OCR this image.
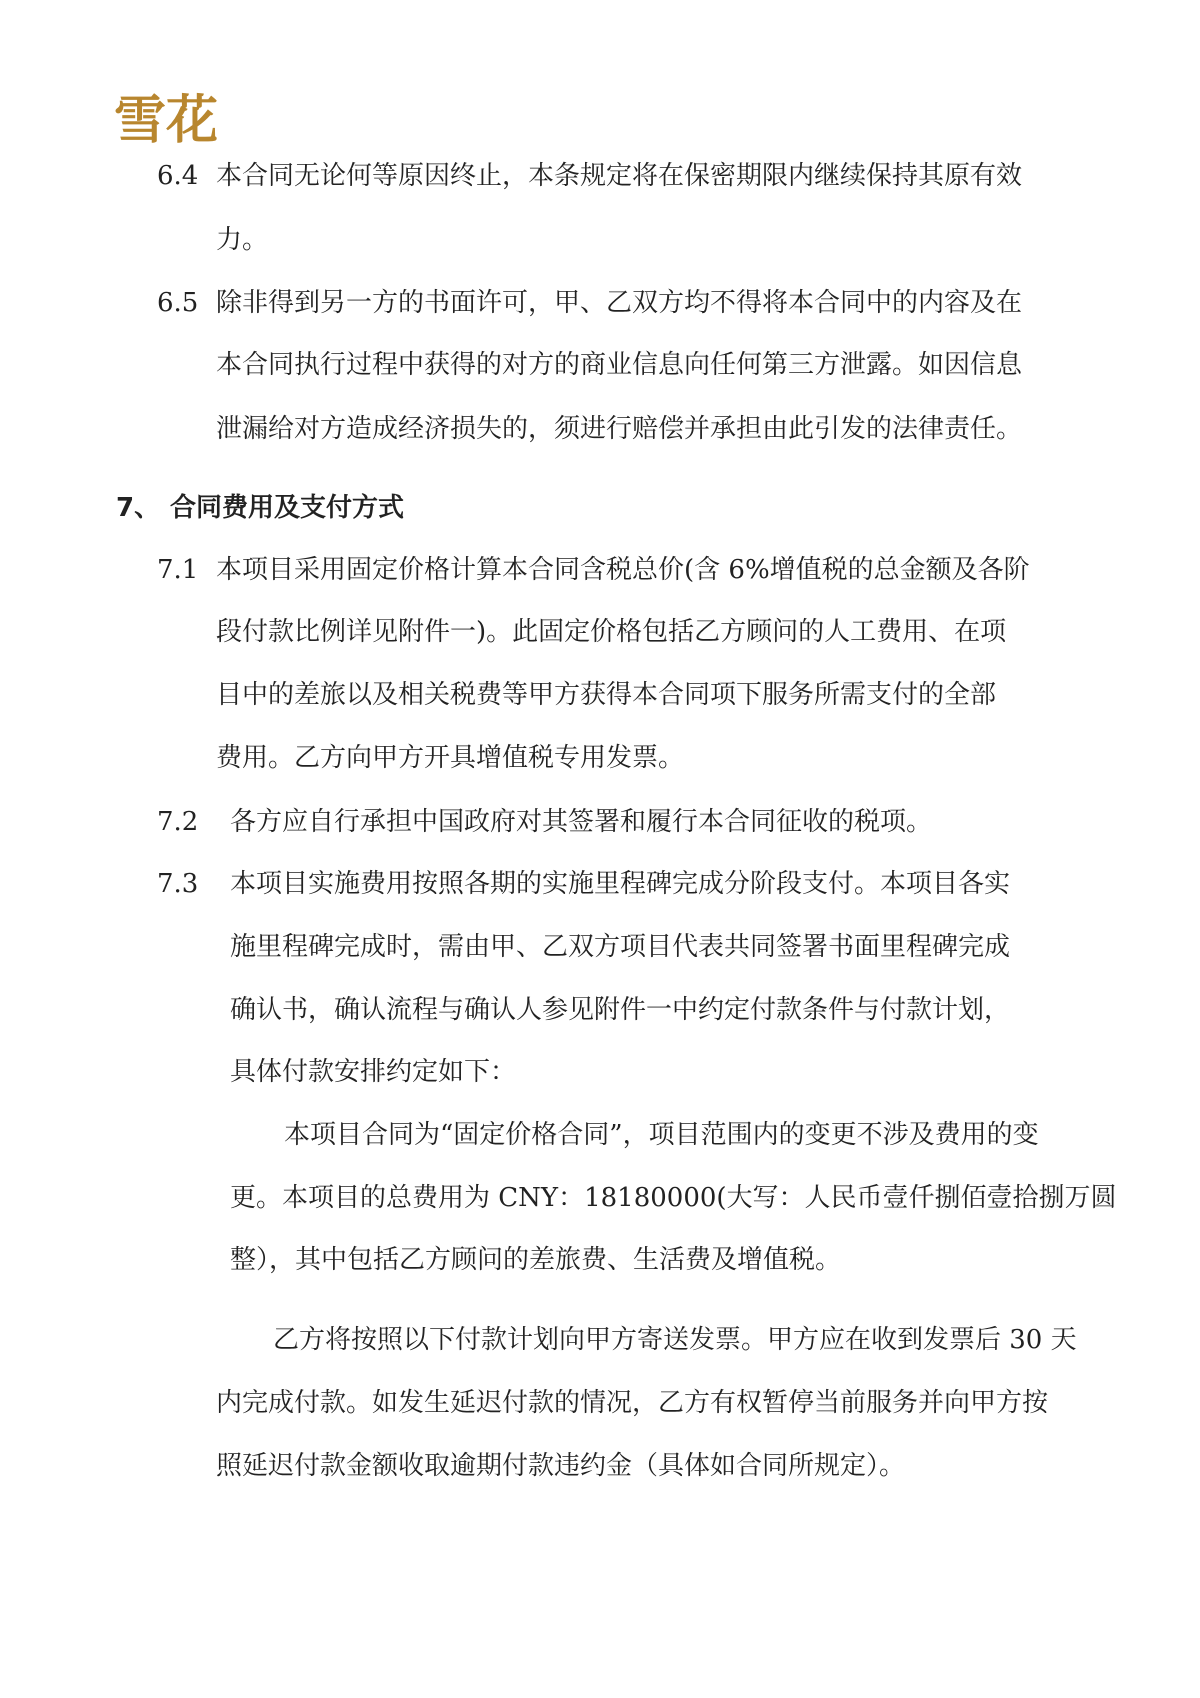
雪花
6.4 本合同无论何等原因终止，本条规定将在保密期限内继续保持其原有效
力。
6.5 除非得到另一方的书面许可，甲、乙双方均不得将本合同中的内容及在
本合同执行过程中获得的对方的商业信息向任何第三方泄露。如因信息
泄漏给对方造成经济损失的，须进行赔偿并承担由此引发的法律责任。
7、 合同费用及支付方式
7.1 本项目采用固定价格计算本合同含税总价(含 6%增值税的总金额及各阶
段付款比例详见附件一)。此固定价格包括乙方顾问的人工费用、在项
目中的差旅以及相关税费等甲方获得本合同项下服务所需支付的全部
费用。乙方向甲方开具增值税专用发票。
7.2 各方应自行承担中国政府对其签署和履行本合同征收的税项。
7.3 本项目实施费用按照各期的实施里程碑完成分阶段支付。本项目各实
施里程碑完成时，需由甲、乙双方项目代表共同签署书面里程碑完成
确认书，确认流程与确认人参见附件一中约定付款条件与付款计划，
具体付款安排约定如下：
本项目合同为“固定价格合同”，项目范围内的变更不涉及费用的变
更。本项目的总费用为 CNY：18180000(大写：人民币壹仟捌佰壹拾捌万圆
整），其中包括乙方顾问的差旅费、生活费及增值税。
乙方将按照以下付款计划向甲方寄送发票。甲方应在收到发票后 30 天
内完成付款。如发生延迟付款的情况，乙方有权暂停当前服务并向甲方按
照延迟付款金额收取逾期付款违约金（具体如合同所规定）。
